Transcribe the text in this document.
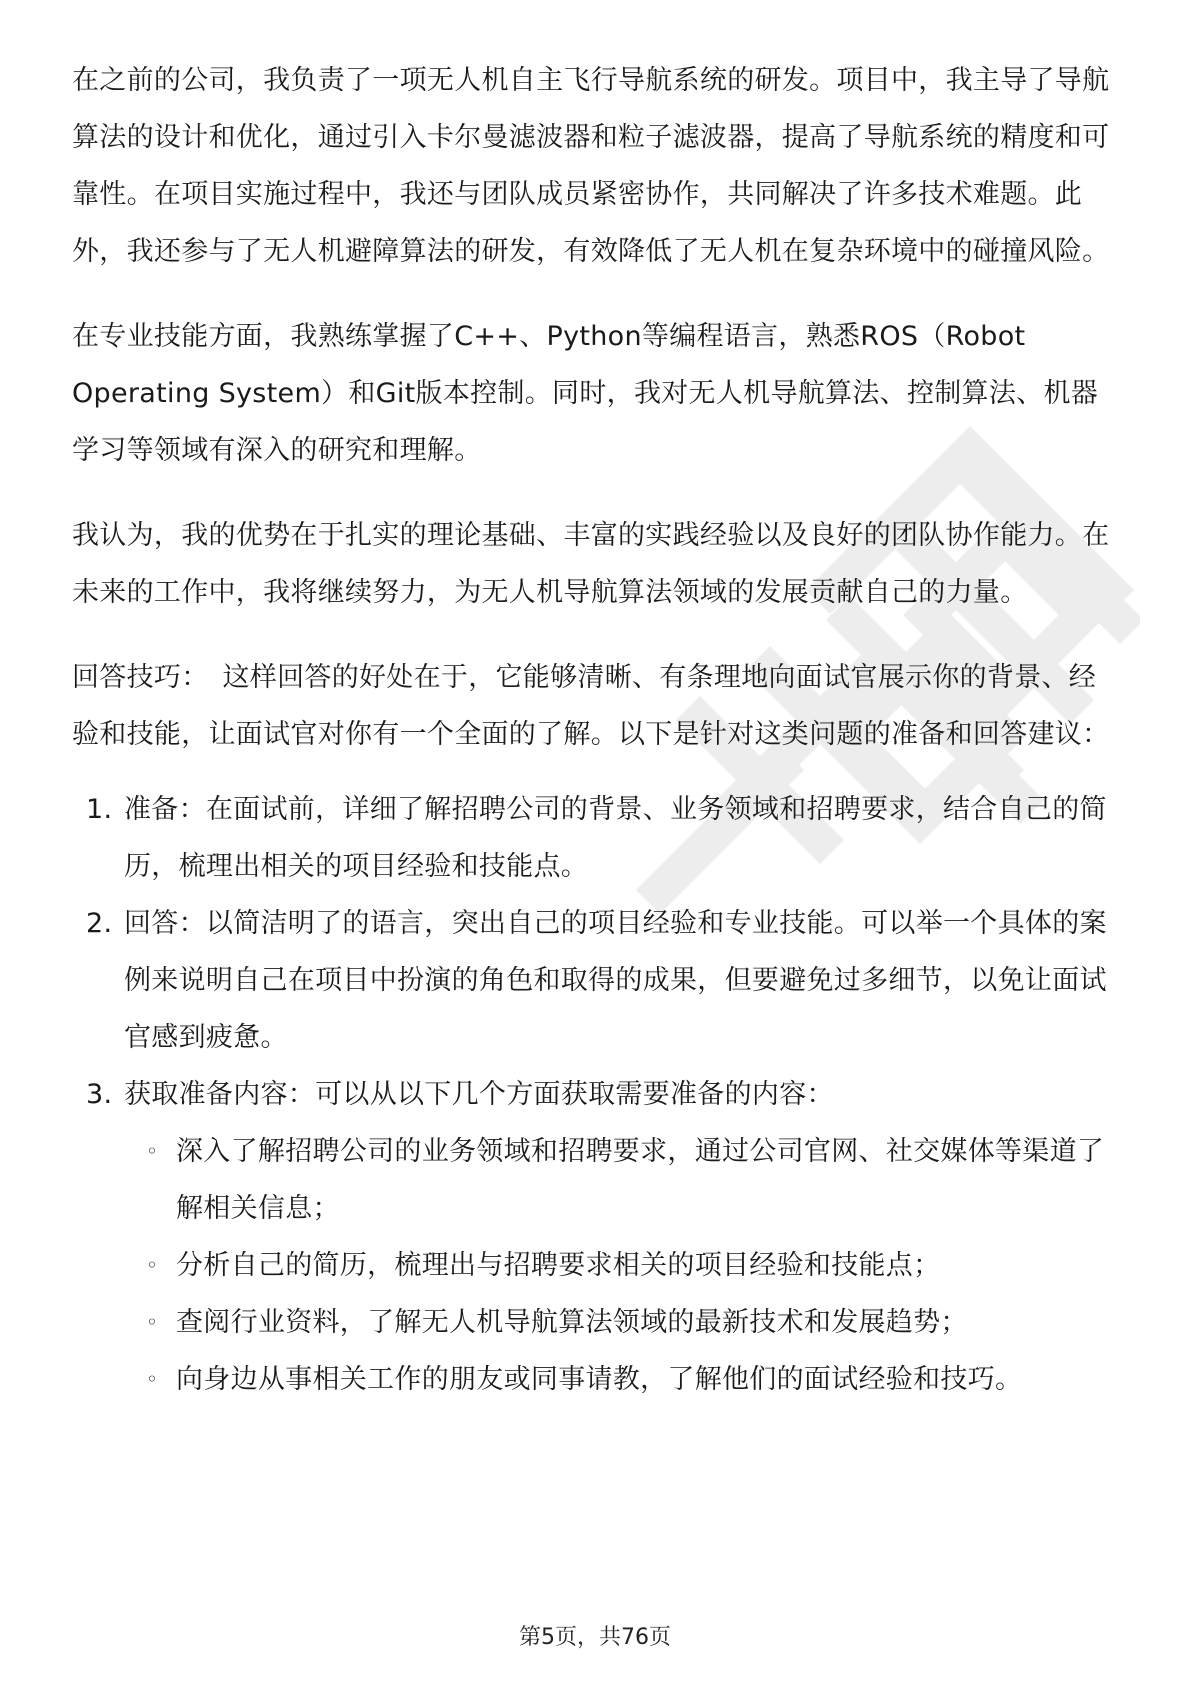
在之前的公司，我负责了一项无人机自主飞行导航系统的研发。项目中，我主导了导航算法的设计和优化，通过引入卡尔曼滤波器和粒子滤波器，提高了导航系统的精度和可靠性。在项目实施过程中，我还与团队成员紧密协作，共同解决了许多技术难题。此外，我还参与了无人机避障算法的研发，有效降低了无人机在复杂环境中的碰撞风险。

在专业技能方面，我熟练掌握了C++、Python等编程语言，熟悉ROS（Robot Operating System）和Git版本控制。同时，我对无人机导航算法、控制算法、机器学习等领域有深入的研究和理解。

我认为，我的优势在于扎实的理论基础、丰富的实践经验以及良好的团队协作能力。在未来的工作中，我将继续努力，为无人机导航算法领域的发展贡献自己的力量。

回答技巧： 这样回答的好处在于，它能够清晰、有条理地向面试官展示你的背景、经验和技能，让面试官对你有一个全面的了解。以下是针对这类问题的准备和回答建议：

1. 准备：在面试前，详细了解招聘公司的背景、业务领域和招聘要求，结合自己的简历，梳理出相关的项目经验和技能点。
2. 回答：以简洁明了的语言，突出自己的项目经验和专业技能。可以举一个具体的案例来说明自己在项目中扮演的角色和取得的成果，但要避免过多细节，以免让面试官感到疲惫。
3. 获取准备内容：可以从以下几个方面获取需要准备的内容：
◦ 深入了解招聘公司的业务领域和招聘要求，通过公司官网、社交媒体等渠道了解相关信息；
◦ 分析自己的简历，梳理出与招聘要求相关的项目经验和技能点；
◦ 查阅行业资料，了解无人机导航算法领域的最新技术和发展趋势；
◦ 向身边从事相关工作的朋友或同事请教，了解他们的面试经验和技巧。
第5页，共76页
